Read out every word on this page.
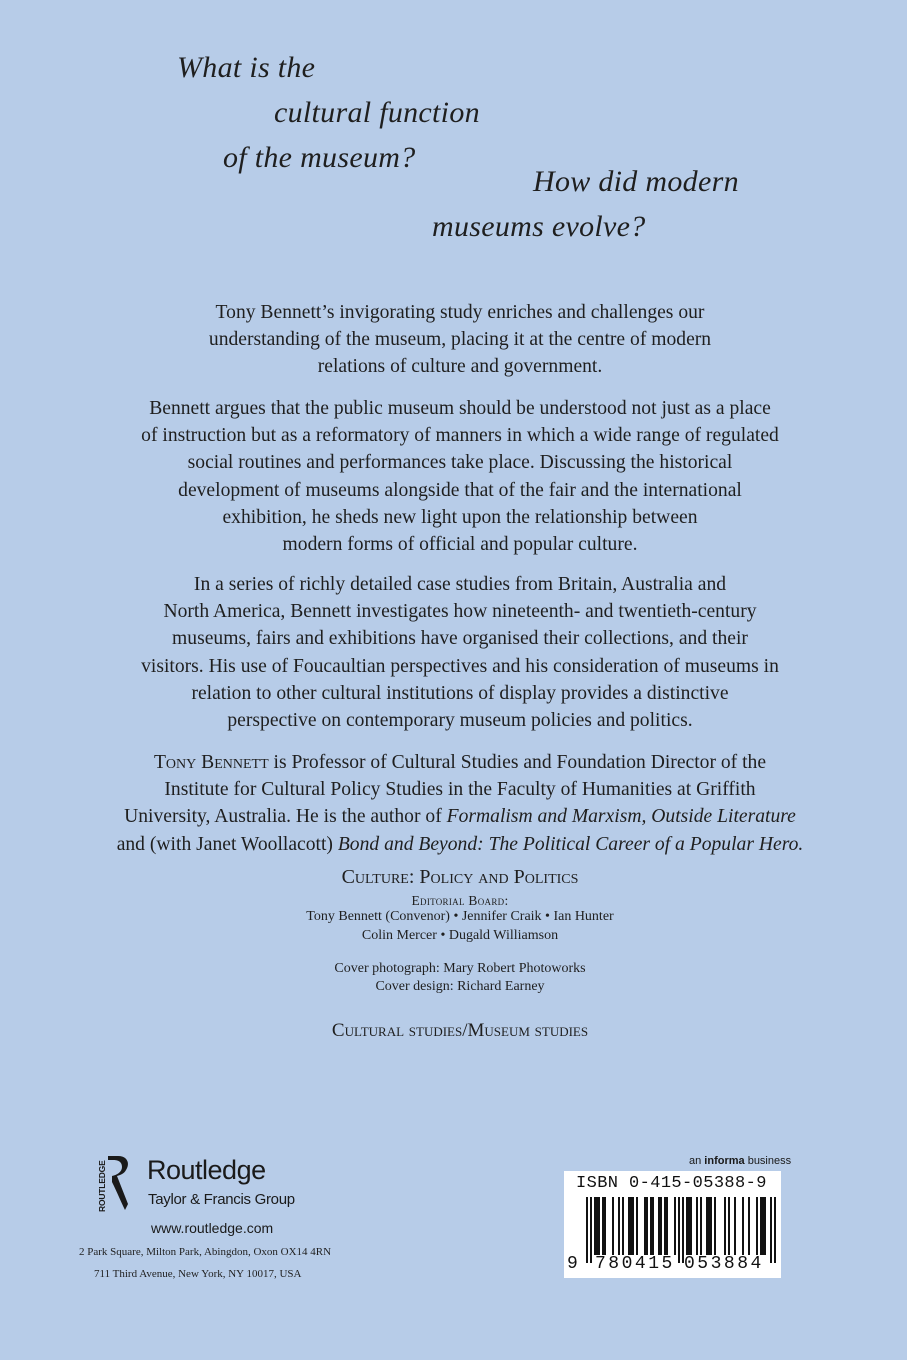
What is the
cultural function
of the museum?
How did modern
museums evolve?
Tony Bennett’s invigorating study enriches and challenges our
understanding of the museum, placing it at the centre of modern
relations of culture and government.
Bennett argues that the public museum should be understood not just as a place
of instruction but as a reformatory of manners in which a wide range of regulated
social routines and performances take place. Discussing the historical
development of museums alongside that of the fair and the international
exhibition, he sheds new light upon the relationship between
modern forms of official and popular culture.
In a series of richly detailed case studies from Britain, Australia and
North America, Bennett investigates how nineteenth- and twentieth-century
museums, fairs and exhibitions have organised their collections, and their
visitors. His use of Foucaultian perspectives and his consideration of museums in
relation to other cultural institutions of display provides a distinctive
perspective on contemporary museum policies and politics.
Tony Bennett is Professor of Cultural Studies and Foundation Director of the
Institute for Cultural Policy Studies in the Faculty of Humanities at Griffith
University, Australia. He is the author of Formalism and Marxism, Outside Literature
and (with Janet Woollacott) Bond and Beyond: The Political Career of a Popular Hero.
Culture: Policy and Politics
Editorial Board:
Tony Bennett (Convenor) • Jennifer Craik • Ian Hunter
Colin Mercer • Dugald Williamson
Cover photograph: Mary Robert Photoworks
Cover design: Richard Earney
Cultural studies/Museum studies
ROUTLEDGE Routledge
Taylor & Francis Group
www.routledge.com
2 Park Square, Milton Park, Abingdon, Oxon OX14 4RN
711 Third Avenue, New York, NY 10017, USA
an informa business
ISBN 0-415-05388-9
9 780415 053884
